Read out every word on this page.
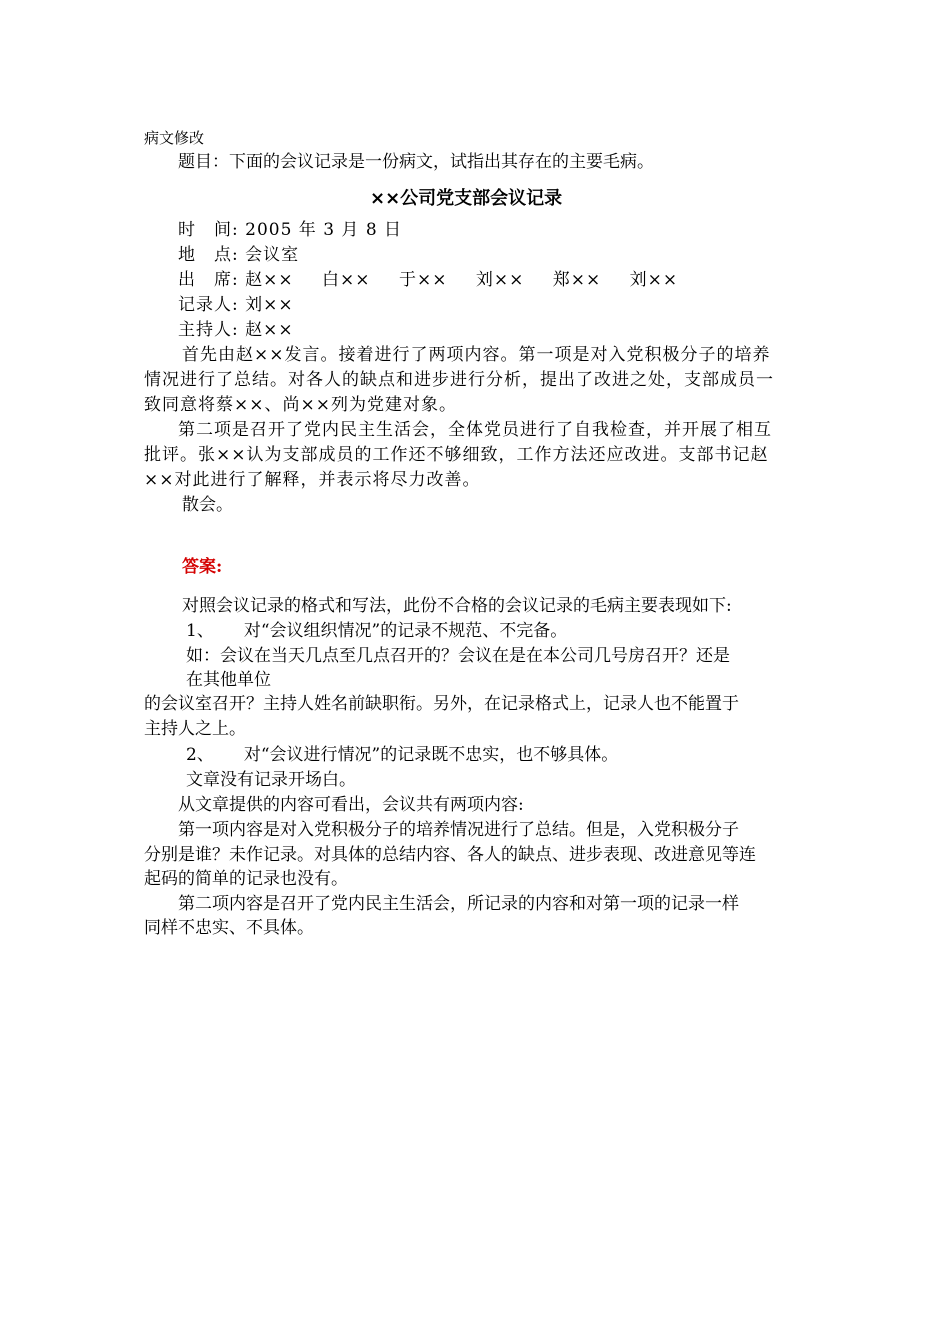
病文修改
题目：下面的会议记录是一份病文，试指出其存在的主要毛病。
××公司党支部会议记录
时　间: 2005 年 3 月 8 日
地　点: 会议室
出　席: 赵×× 白×× 于×× 刘×× 郑×× 刘××
记录人: 刘××
主持人: 赵××
首先由赵××发言。接着进行了两项内容。第一项是对入党积极分子的培养
情况进行了总结。对各人的缺点和进步进行分析，提出了改进之处，支部成员一
致同意将蔡××、尚××列为党建对象。
第二项是召开了党内民主生活会，全体党员进行了自我检查，并开展了相互
批评。张××认为支部成员的工作还不够细致，工作方法还应改进。支部书记赵
××对此进行了解释，并表示将尽力改善。
散会。
答案:
对照会议记录的格式和写法，此份不合格的会议记录的毛病主要表现如下:
1、 对“会议组织情况”的记录不规范、不完备。
如：会议在当天几点至几点召开的？会议在是在本公司几号房召开？还是
在其他单位
的会议室召开？主持人姓名前缺职衔。另外，在记录格式上，记录人也不能置于
主持人之上。
2、 对“会议进行情况”的记录既不忠实，也不够具体。
文章没有记录开场白。
从文章提供的内容可看出，会议共有两项内容:
第一项内容是对入党积极分子的培养情况进行了总结。但是，入党积极分子
分别是谁？未作记录。对具体的总结内容、各人的缺点、进步表现、改进意见等连
起码的简单的记录也没有。
第二项内容是召开了党内民主生活会，所记录的内容和对第一项的记录一样
同样不忠实、不具体。
